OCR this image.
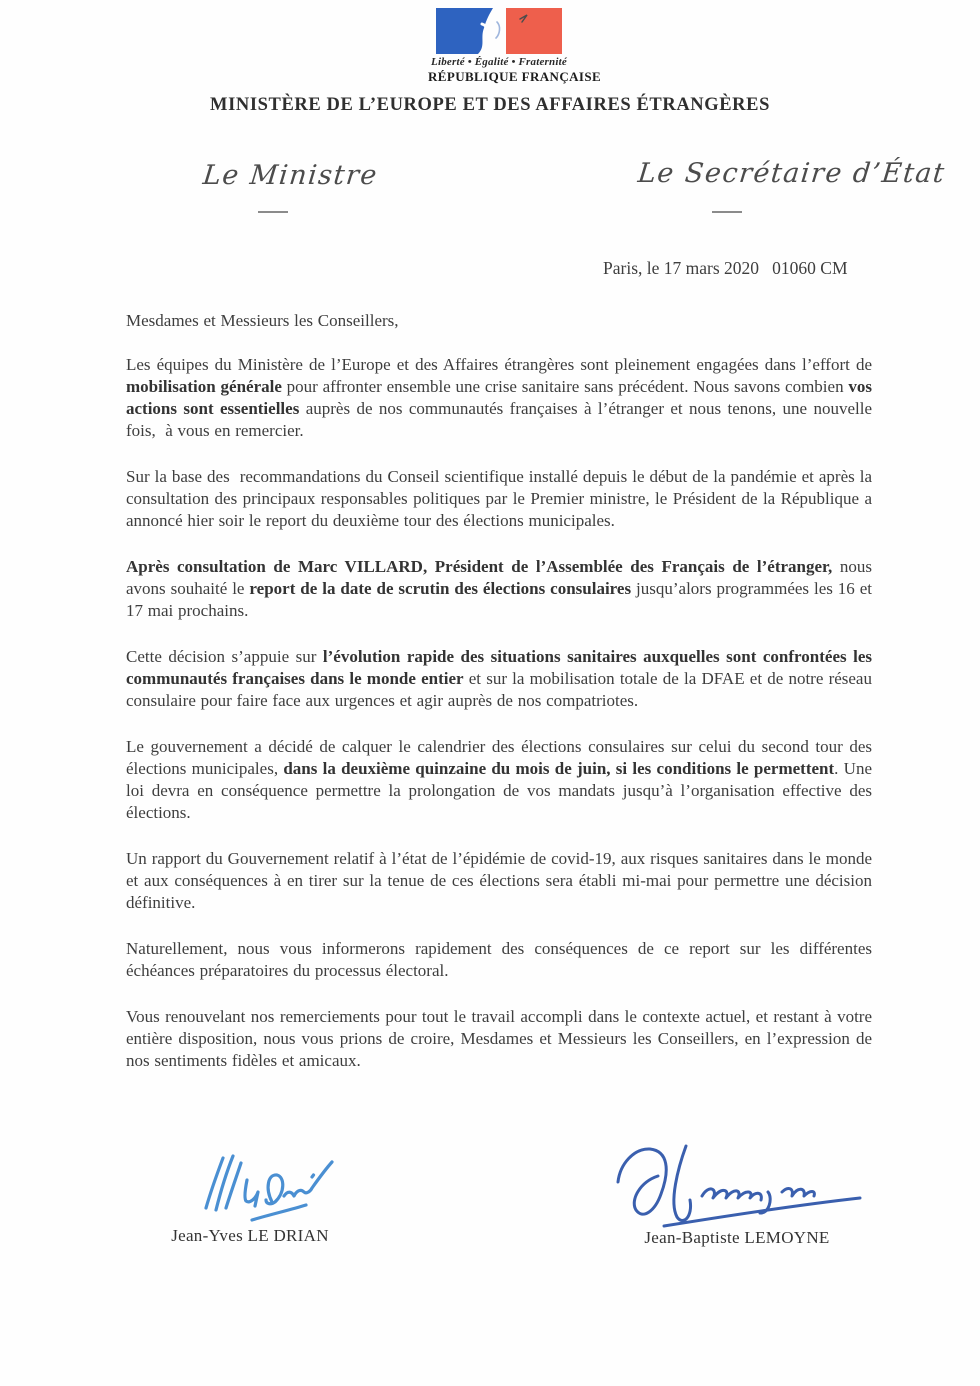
Liberté • Égalité • Fraternité
RÉPUBLIQUE FRANÇAISE
MINISTÈRE DE L’EUROPE ET DES AFFAIRES ÉTRANGÈRES
Le Ministre	Le Secrétaire d’État
Paris, le 17 mars 2020   01060 CM

Mesdames et Messieurs les Conseillers,

Les équipes du Ministère de l’Europe et des Affaires étrangères sont pleinement engagées dans l’effort de mobilisation générale pour affronter ensemble une crise sanitaire sans précédent. Nous savons combien vos actions sont essentielles auprès de nos communautés françaises à l’étranger et nous tenons, une nouvelle fois,  à vous en remercier.

Sur la base des  recommandations du Conseil scientifique installé depuis le début de la pandémie et après la consultation des principaux responsables politiques par le Premier ministre, le Président de la République a annoncé hier soir le report du deuxième tour des élections municipales.

Après consultation de Marc VILLARD, Président de l’Assemblée des Français de l’étranger, nous avons souhaité le report de la date de scrutin des élections consulaires jusqu’alors programmées les 16 et 17 mai prochains.

Cette décision s’appuie sur l’évolution rapide des situations sanitaires auxquelles sont confrontées les communautés françaises dans le monde entier et sur la mobilisation totale de la DFAE et de notre réseau consulaire pour faire face aux urgences et agir auprès de nos compatriotes.

Le gouvernement a décidé de calquer le calendrier des élections consulaires sur celui du second tour des élections municipales, dans la deuxième quinzaine du mois de juin, si les conditions le permettent. Une loi devra en conséquence permettre la prolongation de vos mandats jusqu’à l’organisation effective des élections.

Un rapport du Gouvernement relatif à l’état de l’épidémie de covid-19, aux risques sanitaires dans le monde et aux conséquences à en tirer sur la tenue de ces élections sera établi mi-mai pour permettre une décision définitive.

Naturellement, nous vous informerons rapidement des conséquences de ce report sur les différentes échéances préparatoires du processus électoral.

Vous renouvelant nos remerciements pour tout le travail accompli dans le contexte actuel, et restant à votre entière disposition, nous vous prions de croire, Mesdames et Messieurs les Conseillers, en l’expression de nos sentiments fidèles et amicaux.

Jean-Yves LE DRIAN	Jean-Baptiste LEMOYNE
